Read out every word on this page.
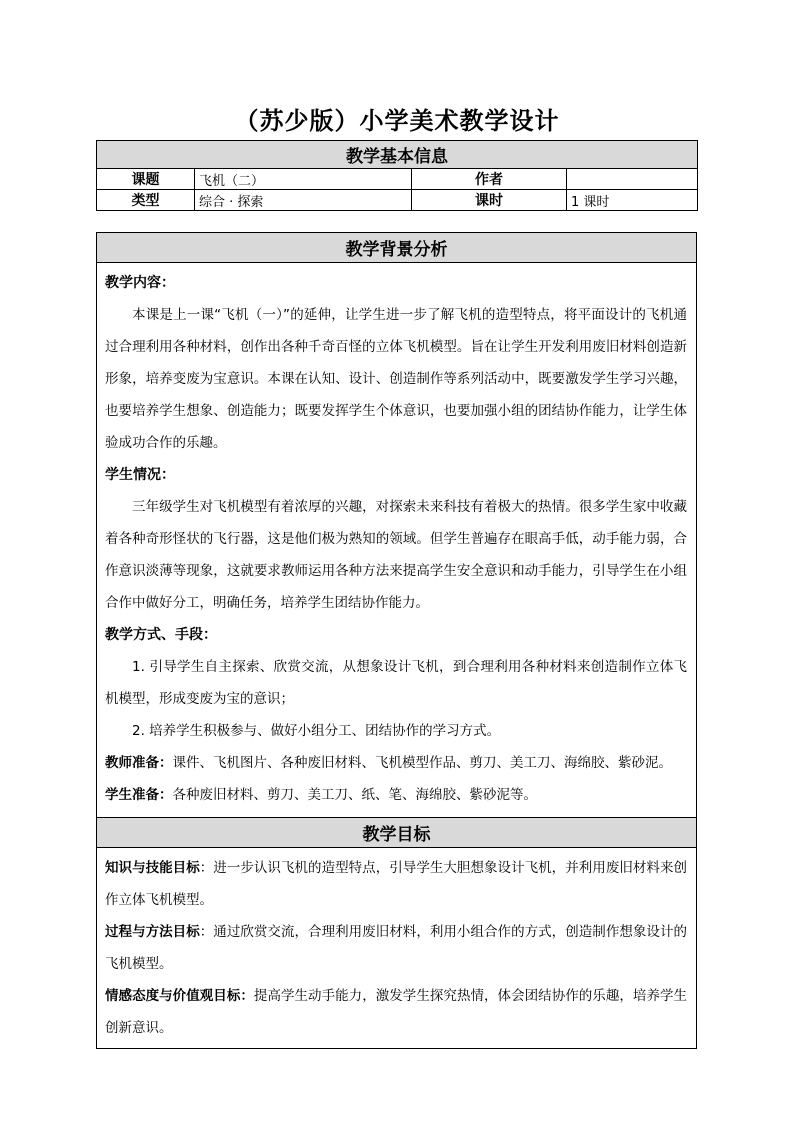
（苏少版）小学美术教学设计
教学基本信息			
课题	飞机（二）	作者	
类型	综合 · 探索	课时	1 课时
教学背景分析

教学内容：
本课是上一课“飞机（一）”的延伸，让学生进一步了解飞机的造型特点，将平面设计的飞机通过合理利用各种材料，创作出各种千奇百怪的立体飞机模型。旨在让学生开发利用废旧材料创造新形象，培养变废为宝意识。本课在认知、设计、创造制作等系列活动中，既要激发学生学习兴趣，也要培养学生想象、创造能力；既要发挥学生个体意识，也要加强小组的团结协作能力，让学生体验成功合作的乐趣。
学生情况：
三年级学生对飞机模型有着浓厚的兴趣，对探索未来科技有着极大的热情。很多学生家中收藏着各种奇形怪状的飞行器，这是他们极为熟知的领域。但学生普遍存在眼高手低，动手能力弱，合作意识淡薄等现象，这就要求教师运用各种方法来提高学生安全意识和动手能力，引导学生在小组合作中做好分工，明确任务，培养学生团结协作能力。
教学方式、手段：
1. 引导学生自主探索、欣赏交流，从想象设计飞机，到合理利用各种材料来创造制作立体飞机模型，形成变废为宝的意识；
2. 培养学生积极参与、做好小组分工、团结协作的学习方式。
教师准备：课件、飞机图片、各种废旧材料、飞机模型作品、剪刀、美工刀、海绵胶、紫砂泥。
学生准备：各种废旧材料、剪刀、美工刀、纸、笔、海绵胶、紫砂泥等。

教学目标

知识与技能目标：进一步认识飞机的造型特点，引导学生大胆想象设计飞机，并利用废旧材料来创作立体飞机模型。
过程与方法目标：通过欣赏交流，合理利用废旧材料，利用小组合作的方式，创造制作想象设计的飞机模型。
情感态度与价值观目标：提高学生动手能力，激发学生探究热情，体会团结协作的乐趣，培养学生创新意识。
